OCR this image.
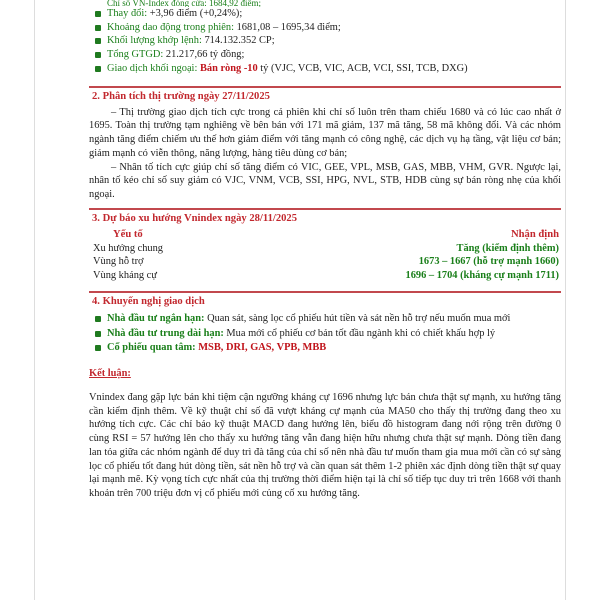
Chỉ số VN-Index đóng cửa: 1684,92 điểm;
Thay đổi: +3,96 điểm (+0,24%);
Khoảng dao động trong phiên: 1681,08 – 1695,34 điểm;
Khối lượng khớp lệnh: 714.132.352 CP;
Tổng GTGD: 21.217,66 tỷ đồng;
Giao dịch khối ngoại: Bán ròng -10 tỷ (VJC, VCB, VIC, ACB, VCI, SSI, TCB, DXG)
2. Phân tích thị trường ngày 27/11/2025

– Thị trường giao dịch tích cực trong cả phiên khi chỉ số luôn trên tham chiếu 1680 và có lúc cao nhất ở 1695. Toàn thị trường tạm nghiêng về bên bán với 171 mã giảm, 137 mã tăng, 58 mã không đổi. Và các nhóm ngành tăng điểm chiếm ưu thế hơn giảm điểm với tăng mạnh có công nghệ, các dịch vụ hạ tầng, vật liệu cơ bản; giảm mạnh có viễn thông, năng lượng, hàng tiêu dùng cơ bản;

– Nhân tố tích cực giúp chỉ số tăng điểm có VIC, GEE, VPL, MSB, GAS, MBB, VHM, GVR. Ngược lại, nhân tố kéo chỉ số suy giảm có VJC, VNM, VCB, SSI, HPG, NVL, STB, HDB cùng sự bán ròng nhẹ của khối ngoại.

3. Dự báo xu hướng Vnindex ngày 28/11/2025
Yếu tố	Nhận định
Xu hướng chung	Tăng (kiểm định thêm)
Vùng hỗ trợ	1673 – 1667 (hỗ trợ mạnh 1660)
Vùng kháng cự	1696 – 1704 (kháng cự mạnh 1711)
4. Khuyến nghị giao dịch
Nhà đầu tư ngắn hạn: Quan sát, sàng lọc cổ phiếu hút tiền và sát nền hỗ trợ nếu muốn mua mới
Nhà đầu tư trung dài hạn: Mua mới cổ phiếu cơ bản tốt đầu ngành khi có chiết khấu hợp lý
Cổ phiếu quan tâm: MSB, DRI, GAS, VPB, MBB
Kết luận:

Vnindex đang gặp lực bán khi tiệm cận ngưỡng kháng cự 1696 nhưng lực bán chưa thật sự mạnh, xu hướng tăng cần kiểm định thêm. Về kỹ thuật chỉ số đã vượt kháng cự mạnh của MA50 cho thấy thị trường đang theo xu hướng tích cực. Các chỉ báo kỹ thuật MACD đang hướng lên, biểu đồ histogram đang nới rộng trên đường 0 cùng RSI = 57 hướng lên cho thấy xu hướng tăng vẫn đang hiện hữu nhưng chưa thật sự mạnh. Dòng tiền đang lan tỏa giữa các nhóm ngành để duy trì đà tăng của chỉ số nên nhà đầu tư muốn tham gia mua mới cần có sự sàng lọc cổ phiếu tốt đang hút dòng tiền, sát nền hỗ trợ và cần quan sát thêm 1-2 phiên xác định dòng tiền thật sự quay lại mạnh mẽ. Kỳ vọng tích cực nhất của thị trường thời điểm hiện tại là chỉ số tiếp tục duy trì trên 1668 với thanh khoản trên 700 triệu đơn vị cổ phiếu mới củng cố xu hướng tăng.
